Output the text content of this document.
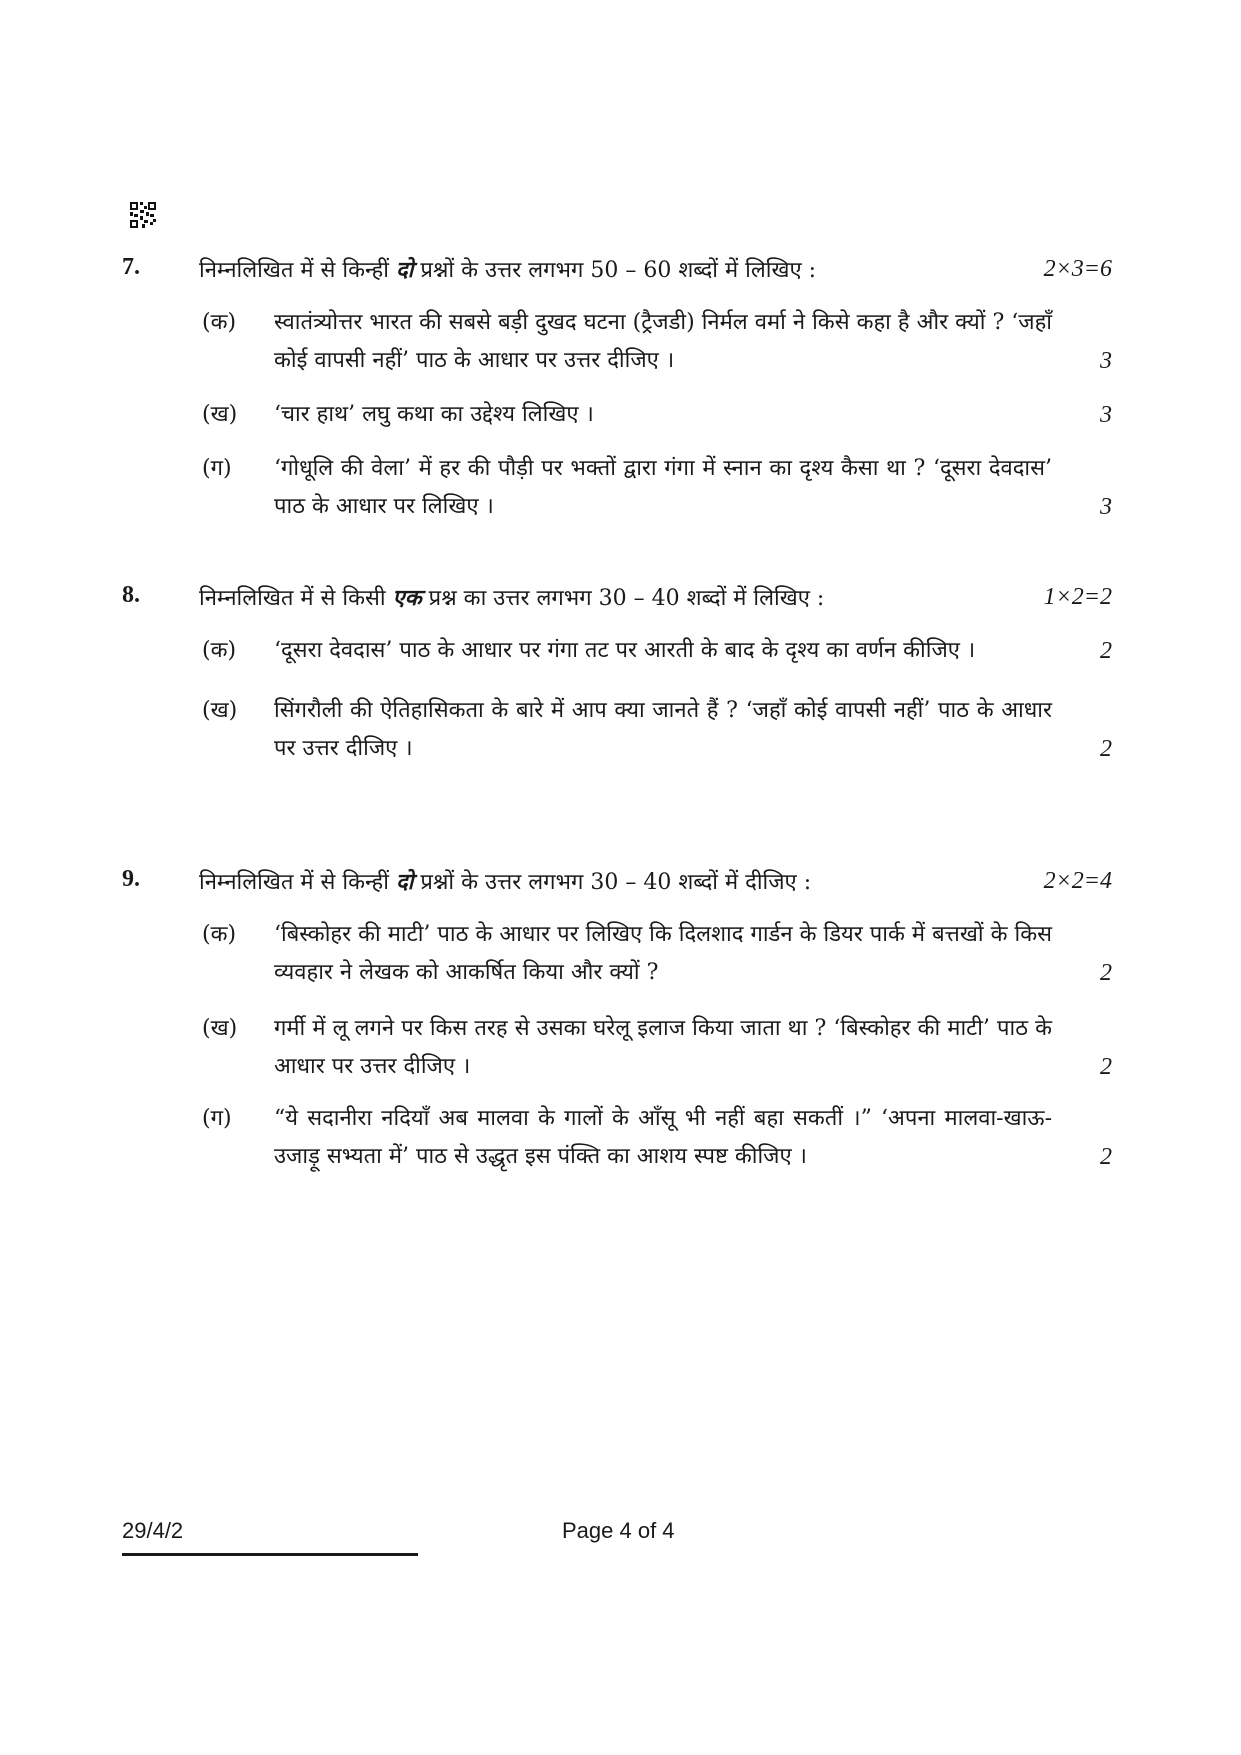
7.	निम्नलिखित में से किन्हीं दो प्रश्नों के उत्तर लगभग 50 – 60 शब्दों में लिखिए :	2×3=6
(क) स्वातंत्र्योत्तर भारत की सबसे बड़ी दुखद घटना (ट्रैजडी) निर्मल वर्मा ने किसे कहा है और क्यों ? ‘जहाँ कोई वापसी नहीं’ पाठ के आधार पर उत्तर दीजिए ।	3
(ख) ‘चार हाथ’ लघु कथा का उद्देश्य लिखिए ।	3
(ग) ‘गोधूलि की वेला’ में हर की पौड़ी पर भक्तों द्वारा गंगा में स्नान का दृश्य कैसा था ? ‘दूसरा देवदास’ पाठ के आधार पर लिखिए ।	3
8.	निम्नलिखित में से किसी एक प्रश्न का उत्तर लगभग 30 – 40 शब्दों में लिखिए :	1×2=2
(क) ‘दूसरा देवदास’ पाठ के आधार पर गंगा तट पर आरती के बाद के दृश्य का वर्णन कीजिए ।	2
(ख) सिंगरौली की ऐतिहासिकता के बारे में आप क्या जानते हैं ? ‘जहाँ कोई वापसी नहीं’ पाठ के आधार पर उत्तर दीजिए ।	2
9.	निम्नलिखित में से किन्हीं दो प्रश्नों के उत्तर लगभग 30 – 40 शब्दों में दीजिए :	2×2=4
(क) ‘बिस्कोहर की माटी’ पाठ के आधार पर लिखिए कि दिलशाद गार्डन के डियर पार्क में बत्तखों के किस व्यवहार ने लेखक को आकर्षित किया और क्यों ?	2
(ख) गर्मी में लू लगने पर किस तरह से उसका घरेलू इलाज किया जाता था ? ‘बिस्कोहर की माटी’ पाठ के आधार पर उत्तर दीजिए ।	2
(ग) “ये सदानीरा नदियाँ अब मालवा के गालों के आँसू भी नहीं बहा सकतीं ।” ‘अपना मालवा-खाऊ-उजाड़ू सभ्यता में’ पाठ से उद्धृत इस पंक्ति का आशय स्पष्ट कीजिए ।	2
29/4/2	Page 4 of 4
